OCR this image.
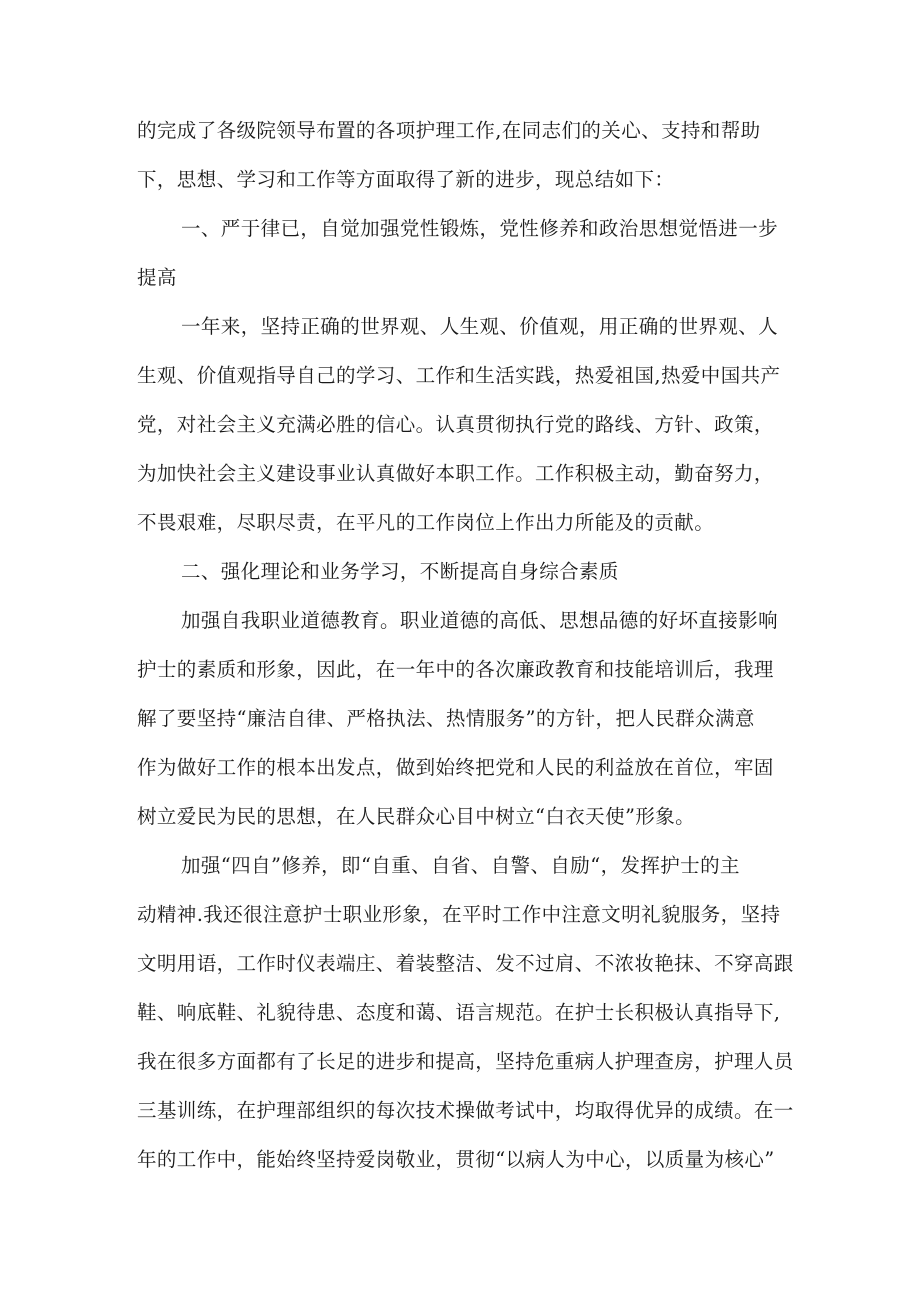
的完成了各级院领导布置的各项护理工作,在同志们的关心、支持和帮助
下，思想、学习和工作等方面取得了新的进步，现总结如下：
一、严于律已，自觉加强党性锻炼，党性修养和政治思想觉悟进一步
提高
一年来，坚持正确的世界观、人生观、价值观，用正确的世界观、人
生观、价值观指导自己的学习、工作和生活实践，热爱祖国,热爱中国共产
党，对社会主义充满必胜的信心。认真贯彻执行党的路线、方针、政策，
为加快社会主义建设事业认真做好本职工作。工作积极主动，勤奋努力，
不畏艰难，尽职尽责，在平凡的工作岗位上作出力所能及的贡献。
二、强化理论和业务学习，不断提高自身综合素质
加强自我职业道德教育。职业道德的高低、思想品德的好坏直接影响
护士的素质和形象，因此，在一年中的各次廉政教育和技能培训后，我理
解了要坚持“廉洁自律、严格执法、热情服务”的方针，把人民群众满意
作为做好工作的根本出发点，做到始终把党和人民的利益放在首位，牢固
树立爱民为民的思想，在人民群众心目中树立“白衣天使”形象。
加强“四自”修养，即“自重、自省、自警、自励“，发挥护士的主
动精神.我还很注意护士职业形象，在平时工作中注意文明礼貌服务，坚持
文明用语，工作时仪表端庄、着装整洁、发不过肩、不浓妆艳抹、不穿高跟
鞋、响底鞋、礼貌待患、态度和蔼、语言规范。在护士长积极认真指导下,
我在很多方面都有了长足的进步和提高，坚持危重病人护理查房，护理人员
三基训练，在护理部组织的每次技术操做考试中，均取得优异的成绩。在一
年的工作中，能始终坚持爱岗敬业，贯彻“以病人为中心，以质量为核心”
